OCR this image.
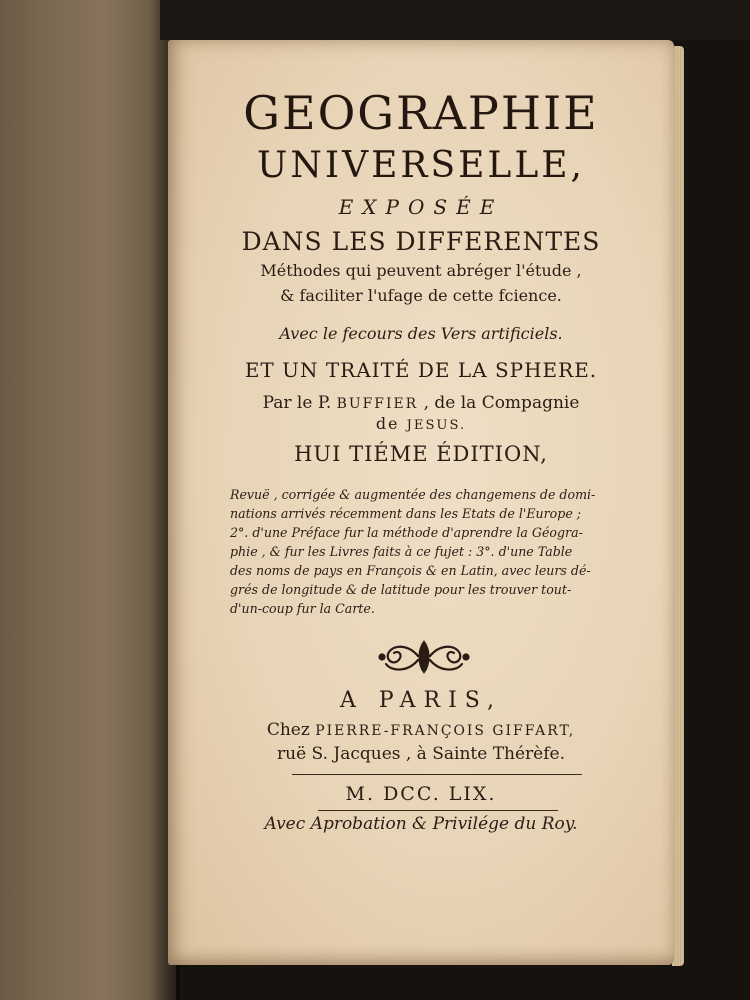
GEOGRAPHIE
UNIVERSELLE,
EXPOSÉE
DANS LES DIFFERENTES
Méthodes qui peuvent abréger l'étude ,
& faciliter l'ufage de cette fcience.
Avec le fecours des Vers artificiels.
ET UN TRAITÉ DE LA SPHERE.
Par le P. BUFFIER , de la Compagnie
de JESUS.
HUI TIÉME ÉDITION,
Revuë , corrigée & augmentée des changemens de domi-
nations arrivés récemment dans les Etats de l'Europe ;
2°. d'une Préface fur la méthode d'aprendre la Géogra-
phie , & fur les Livres faits à ce fujet : 3°. d'une Table
des noms de pays en François & en Latin, avec leurs dé-
grés de longitude & de latitude pour les trouver tout-
d'un-coup fur la Carte.
A PARIS,
Chez PIERRE-FRANÇOIS GIFFART,
ruë S. Jacques , à Sainte Thérèfe.
M. DCC. LIX.
Avec Aprobation & Privilége du Roy.
